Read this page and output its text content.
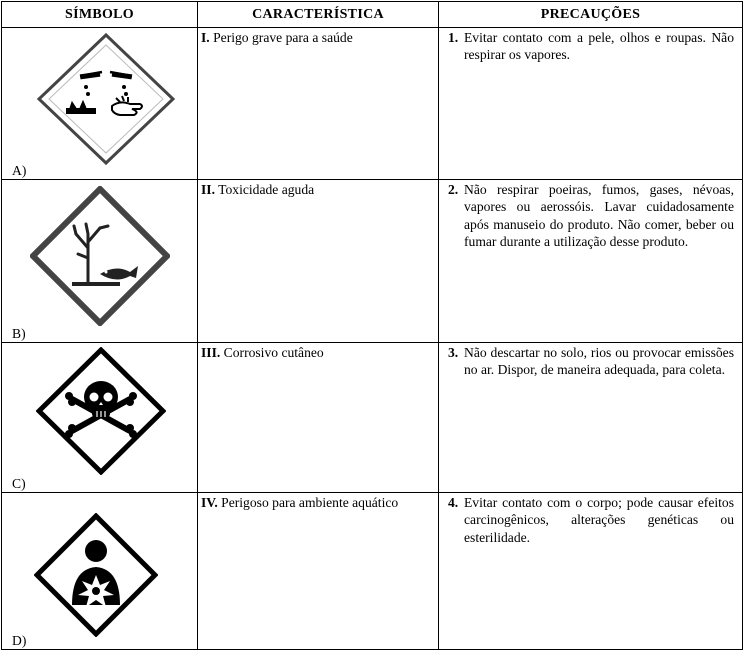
SÍMBOLO	CARACTERÍSTICA	PRECAUÇÕES

A)	I. Perigo grave para a saúde	1. Evitar contato com a pele, olhos e roupas. Não respirar os vapores.

B)	II. Toxicidade aguda	2. Não respirar poeiras, fumos, gases, névoas, vapores ou aerossóis. Lavar cuidadosamente após manuseio do produto. Não comer, beber ou fumar durante a utilização desse produto.

C)	III. Corrosivo cutâneo	3. Não descartar no solo, rios ou provocar emissões no ar. Dispor, de maneira adequada, para coleta.

D)	IV. Perigoso para ambiente aquático	4. Evitar contato com o corpo; pode causar efeitos carcinogênicos, alterações genéticas ou esterilidade.
